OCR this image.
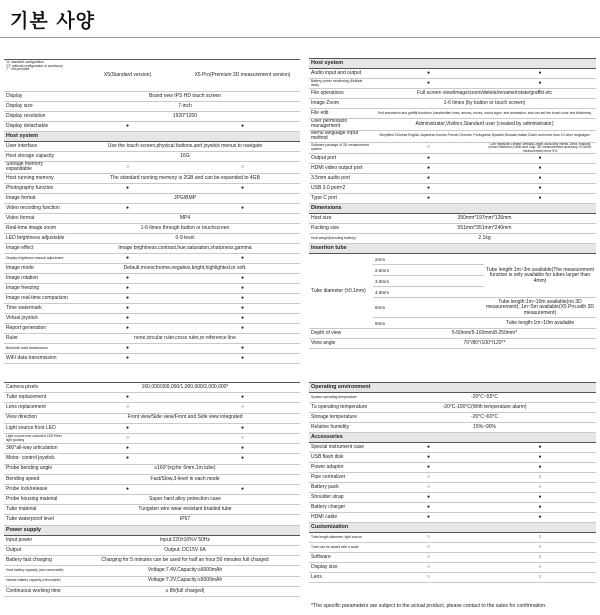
기본 사양
"●" standard configuration
"O" optional configuration or accessory
"/ " not provided	X5(Standard version)	X5 Pro(Premium 3D measurement version)
Display	Brand new IPS HD touch screen	
Display size	7-inch	
Display resolution	1920*1200	
Display detachable	●	●
Host system		
User interface	Use the touch screen,physical buttons,and joystick menus to navigate	
Host storage capacity	16G	
Storage memory expandable	○	○
Host running memory	The standard running memory is 2GB and can be expanded to 4GB	
Photography function	●	●
Image format	JPG/BMP	
Video recording function	●	●
Video format	MP4	
Real-time image zoom	1-6 times through button or touchscreen	
LED brightness adjustable	0-9 level	
Image effect	Image brightness,contrast,hue,saturation,sharpness,gamma	
Display brightness manual adjustment	●	●
Image mode	Default,monochrome,negative,bright,highlighted,or soft.	
Image rotation	●	●
Image freezing	●	●
Image real-time comparison	●	●
Time watermark	●	●
Virtual joystick	●	●
Report generation	●	●
Ruler	none,circular ruler,cross ruler,or reference line	
Bluetooth data transmission	●	●
WiFi data transmission	●	●
Camera pixels	160,000/300,000/1,000,000/2,000,000*	
Tube replacement	●	●
Lens replacement	○	○
View direction	Front view/Side view/Front and Side view integrated	
Light source:front LED	●	●
Light source:rear-mounted LED+fiber light guiding	○	○
360°all-way articulation	●	●
Motor- control joystick	●	●
Probe bending angle	≥160°(eg:for 6mm,1m tube)	
Bending speed	Fast/Slow,3-level in each mode	
Probe lock/release	●	●
Probe housing material	Super hard alloy protection case	
Tube material	Tungsten wire wear-resistant braided tube	
Tube waterproof level	IP67	
Power supply		
Input power	Input:220±10%V 50Hz	
Output	Output: DC15V 6A	
Battery fast charging	Charging for 5 minutes can be used for half an hour;50 minutes full charged	
Host battery capacity (non-removable)	Voltage:7.4V,Capacity:≥6000mAh	
Handle battery capacity (removable)	Voltage:7.2V,Capacity:≥5000mAh	
Continuous working time	≥ 8h(full charged)	
Host system		
Audio input and output	●	●
Battery power monitoring (Multiple data)	●	●
File operations	Full screen view/image/zoom/delete/rename/rotate/graffiti etc	
Image Zoom	1-6 times (by button or touch screen)	
File edit	Text annotation and graffiti functions (handwritten lines, arrows, boxes, round signs, text annotation, and can set the brush color and thickness)	
User permission management	Administrator,Visitors,Standard user (created by administrator)	
Menu language Input method	Simplified Chinese,English,Japanese,Korean,French,German, Portuguese,Spanish,Russian,Italian,Dutch and more than 10 other languages	
Software package of 3D measurement system	○	Can measure Length,Vertical,Depth,Multi-seg ments, Area, Missing corner,Skeleton,Circle and Gap. 3D measurement accuracy 0.01mm, measurement error 5%
Output port	●	●
HDMI video output port	●	●
3.5mm audio port	●	●
USB 3.0 port×2	●	●
Type C port	●	●
Dimensions		
Host size	350mm*197mm*126mm	
Packing size	551mm*351mm*240mm	
Host weight(including battery)	2.1kg	
Insertion tube		
Tube diameter (±0.1mm)	2mm	Tube length:1m~3m available(The measurement function is only available for tubes larger than 4mm)
	2.8mm	
	3.9mm	
	4.8mm	
	6mm	Tube length:1m~10m available(no 3D measurement); 1m~5m available(X5 Pro.with 3D measurement)
	8mm	Tube length:1m~10m available
Depth of view	5-50mm/5-100mm/8-250mm*	
View angle	70°/80°/100°/120°*	
Operating environment		
System operating temperature	-20°C~55°C	
Tu operating temperature	-20°C-100°C(With temperature alarm)	
Storage temperature	-20°C~60°C	
Relative humidity	15%~90%	
Accessories		
Special instrument case	●	●
USB flash disk	●	●
Power adaptor	●	●
Pipe centralizer	○	○
Battery pack	○	○
Shoulder strap	●	●
Battery charger	●	●
HDMI cable	●	●
Customization		
Tube length,diameter, light source	○	○
Tube can be added with a scale	○	○
Software	○	○
Display size	○	○
Lens	○	○
*The specific parameters are subject to the actual product, please contact to the sales for confirmation.
